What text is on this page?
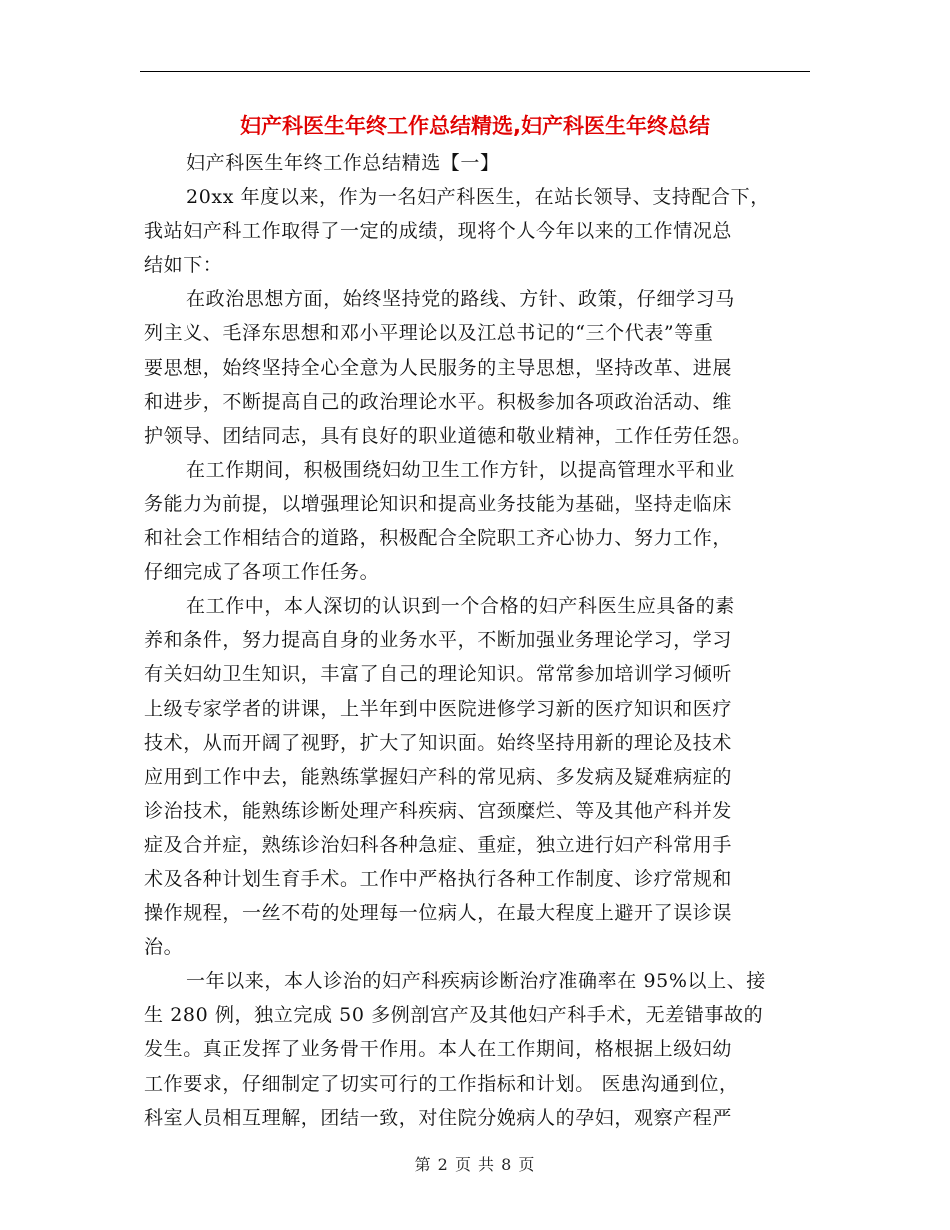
妇产科医生年终工作总结精选,妇产科医生年终总结
妇产科医生年终工作总结精选【一】
20xx 年度以来，作为一名妇产科医生，在站长领导、支持配合下，
我站妇产科工作取得了一定的成绩，现将个人今年以来的工作情况总
结如下：
在政治思想方面，始终坚持党的路线、方针、政策，仔细学习马
列主义、毛泽东思想和邓小平理论以及江总书记的“三个代表”等重
要思想，始终坚持全心全意为人民服务的主导思想，坚持改革、进展
和进步，不断提高自己的政治理论水平。积极参加各项政治活动、维
护领导、团结同志，具有良好的职业道德和敬业精神，工作任劳任怨。
在工作期间，积极围绕妇幼卫生工作方针，以提高管理水平和业
务能力为前提，以增强理论知识和提高业务技能为基础，坚持走临床
和社会工作相结合的道路，积极配合全院职工齐心协力、努力工作，
仔细完成了各项工作任务。
在工作中，本人深切的认识到一个合格的妇产科医生应具备的素
养和条件，努力提高自身的业务水平，不断加强业务理论学习，学习
有关妇幼卫生知识，丰富了自己的理论知识。常常参加培训学习倾听
上级专家学者的讲课，上半年到中医院进修学习新的医疗知识和医疗
技术，从而开阔了视野，扩大了知识面。始终坚持用新的理论及技术
应用到工作中去，能熟练掌握妇产科的常见病、多发病及疑难病症的
诊治技术，能熟练诊断处理产科疾病、宫颈糜烂、等及其他产科并发
症及合并症，熟练诊治妇科各种急症、重症，独立进行妇产科常用手
术及各种计划生育手术。工作中严格执行各种工作制度、诊疗常规和
操作规程，一丝不苟的处理每一位病人，在最大程度上避开了误诊误
治。
一年以来，本人诊治的妇产科疾病诊断治疗准确率在 95%以上、接
生 280 例，独立完成 50 多例剖宫产及其他妇产科手术，无差错事故的
发生。真正发挥了业务骨干作用。本人在工作期间，格根据上级妇幼
工作要求，仔细制定了切实可行的工作指标和计划。 医患沟通到位，
科室人员相互理解，团结一致，对住院分娩病人的孕妇，观察产程严
第 2 页 共 8 页
